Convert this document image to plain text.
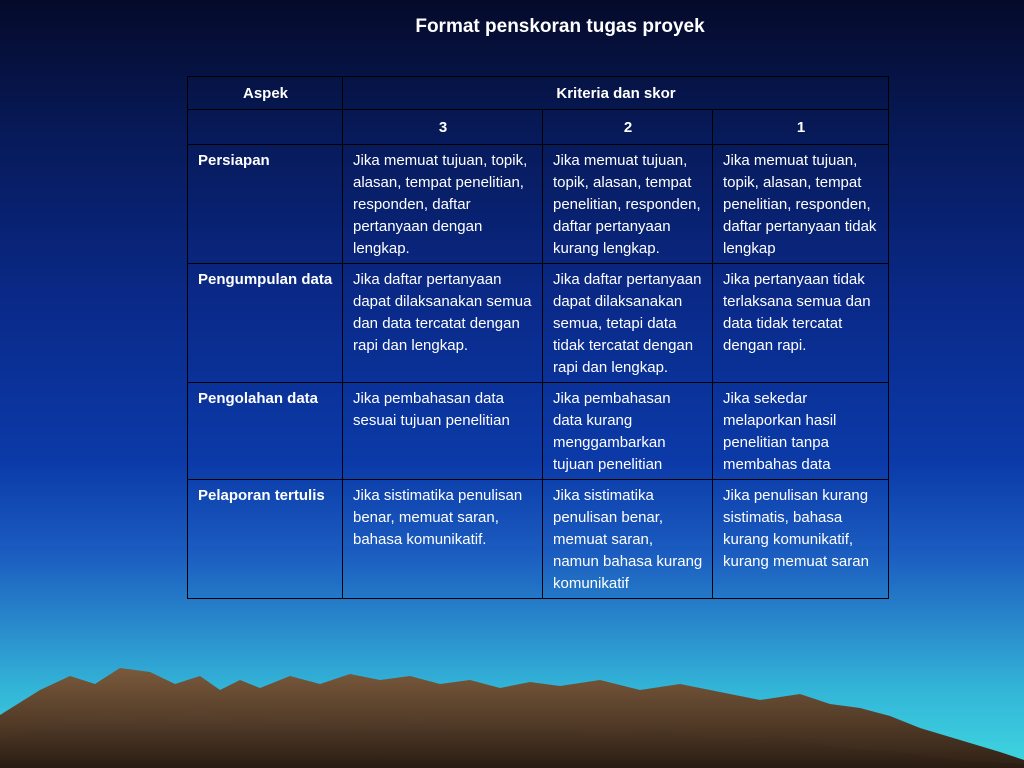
Format penskoran tugas proyek
Aspek	Kriteria dan skor		
	3	2	1
Persiapan	Jika memuat tujuan, topik, alasan, tempat penelitian, responden, daftar pertanyaan dengan lengkap.	Jika memuat tujuan, topik, alasan, tempat penelitian, responden, daftar pertanyaan kurang lengkap.	Jika memuat tujuan, topik, alasan, tempat penelitian, responden, daftar pertanyaan tidak lengkap
Pengumpulan data	Jika daftar pertanyaan dapat dilaksanakan semua dan data tercatat dengan rapi dan lengkap.	Jika daftar pertanyaan dapat dilaksanakan semua, tetapi data tidak tercatat dengan rapi dan lengkap.	Jika pertanyaan tidak terlaksana semua dan data tidak tercatat dengan rapi.
Pengolahan data	Jika pembahasan data sesuai tujuan penelitian	Jika pembahasan data kurang menggambarkan tujuan penelitian	Jika sekedar melaporkan hasil penelitian tanpa membahas data
Pelaporan tertulis	Jika sistimatika penulisan benar, memuat saran, bahasa komunikatif.	Jika sistimatika penulisan benar, memuat saran, namun bahasa kurang komunikatif	Jika penulisan kurang sistimatis, bahasa kurang komunikatif, kurang memuat saran
